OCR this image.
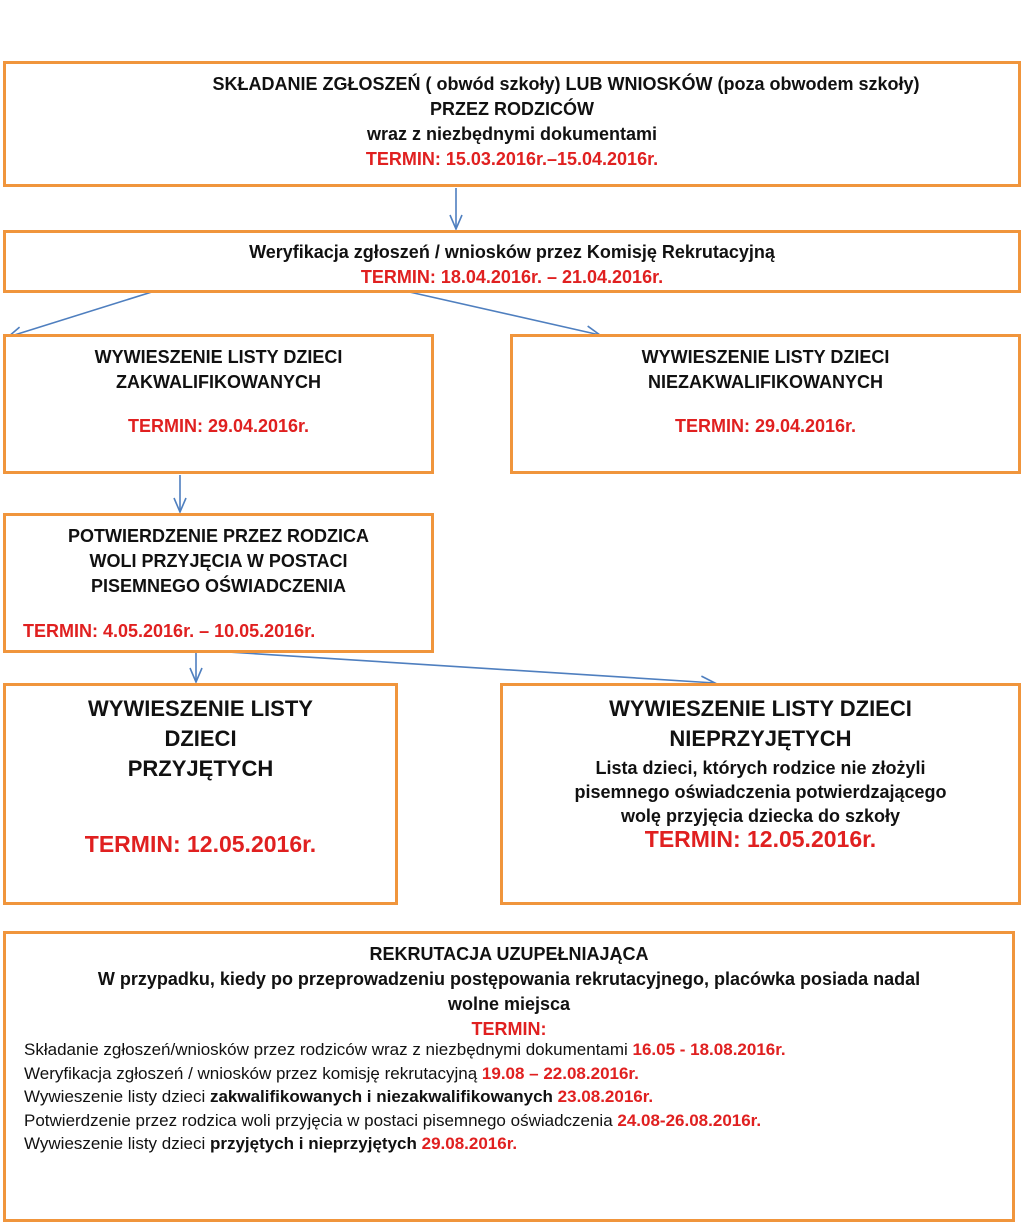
SKŁADANIE ZGŁOSZEŃ ( obwód szkoły) LUB WNIOSKÓW (poza obwodem szkoły)
PRZEZ RODZICÓW
wraz z niezbędnymi dokumentami
TERMIN: 15.03.2016r.–15.04.2016r.
Weryfikacja zgłoszeń / wniosków przez Komisję Rekrutacyjną
TERMIN: 18.04.2016r. – 21.04.2016r.
WYWIESZENIE LISTY DZIECI
ZAKWALIFIKOWANYCH
TERMIN: 29.04.2016r.
WYWIESZENIE LISTY DZIECI
NIEZAKWALIFIKOWANYCH
TERMIN: 29.04.2016r.
POTWIERDZENIE PRZEZ RODZICA
WOLI PRZYJĘCIA W POSTACI
PISEMNEGO OŚWIADCZENIA
TERMIN: 4.05.2016r. – 10.05.2016r.
WYWIESZENIE LISTY
DZIECI
PRZYJĘTYCH
TERMIN: 12.05.2016r.
WYWIESZENIE LISTY DZIECI
NIEPRZYJĘTYCH
Lista dzieci, których rodzice nie złożyli
pisemnego oświadczenia potwierdzającego
wolę przyjęcia dziecka do szkoły
TERMIN: 12.05.2016r.
REKRUTACJA UZUPEŁNIAJĄCA
W przypadku, kiedy po przeprowadzeniu postępowania rekrutacyjnego, placówka posiada nadal
wolne miejsca
TERMIN:
Składanie zgłoszeń/wniosków przez rodziców wraz z niezbędnymi dokumentami 16.05 - 18.08.2016r.
Weryfikacja zgłoszeń / wniosków przez komisję rekrutacyjną 19.08 – 22.08.2016r.
Wywieszenie listy dzieci zakwalifikowanych i niezakwalifikowanych 23.08.2016r.
Potwierdzenie przez rodzica woli przyjęcia w postaci pisemnego oświadczenia 24.08-26.08.2016r.
Wywieszenie listy dzieci przyjętych i nieprzyjętych 29.08.2016r.
